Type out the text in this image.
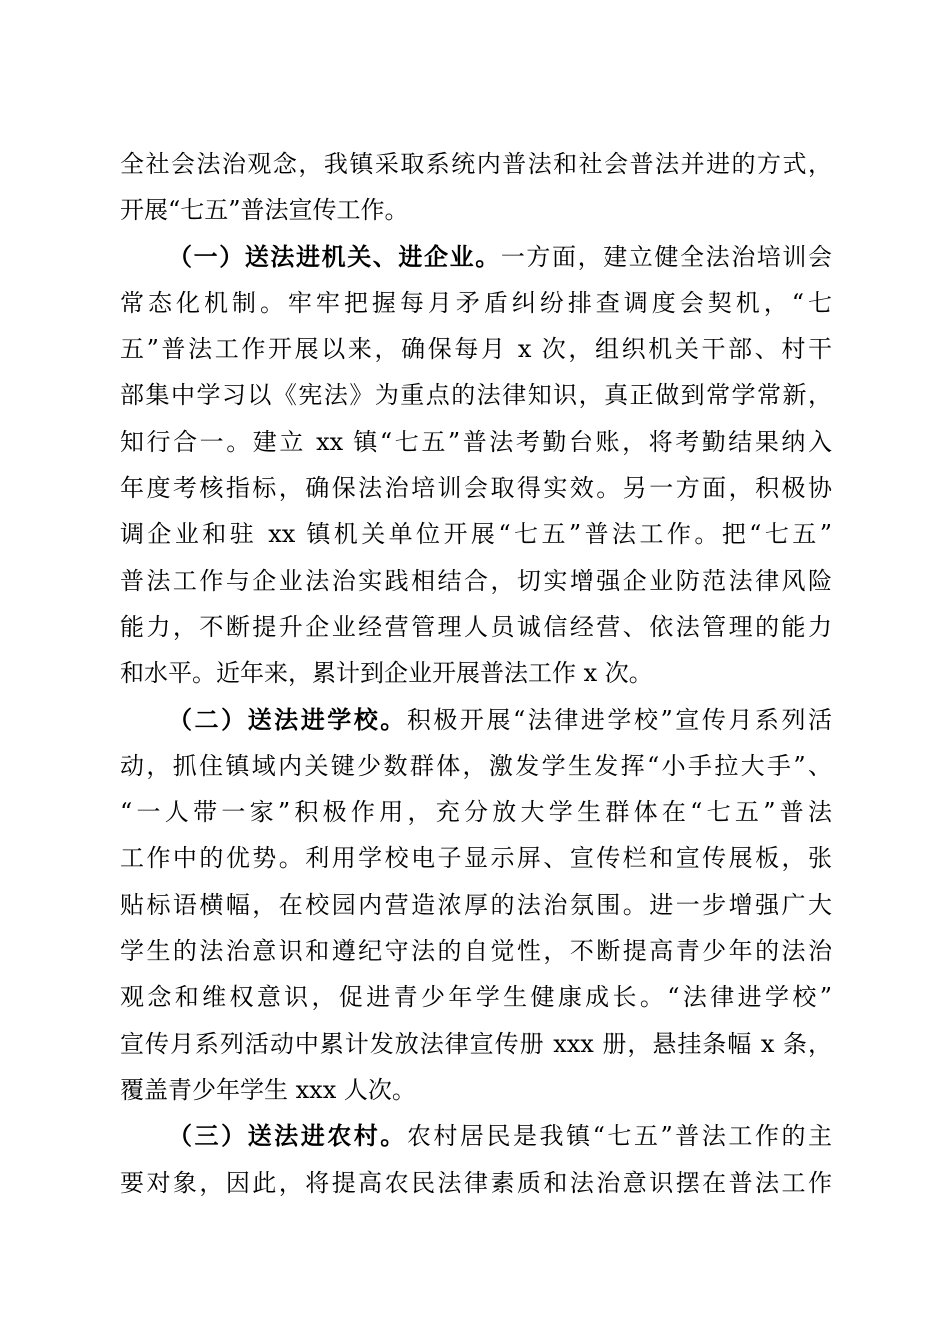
全社会法治观念，我镇采取系统内普法和社会普法并进的方式，
开展“七五”普法宣传工作。
（一）送法进机关、进企业。一方面，建立健全法治培训会
常态化机制。牢牢把握每月矛盾纠纷排查调度会契机，“七
五”普法工作开展以来，确保每月 x 次，组织机关干部、村干
部集中学习以《宪法》为重点的法律知识，真正做到常学常新，
知行合一。建立 xx 镇“七五”普法考勤台账，将考勤结果纳入
年度考核指标，确保法治培训会取得实效。另一方面，积极协
调企业和驻 xx 镇机关单位开展“七五”普法工作。把“七五”
普法工作与企业法治实践相结合，切实增强企业防范法律风险
能力，不断提升企业经营管理人员诚信经营、依法管理的能力
和水平。近年来，累计到企业开展普法工作 x 次。
（二）送法进学校。积极开展“法律进学校”宣传月系列活
动，抓住镇域内关键少数群体，激发学生发挥“小手拉大手”、
“一人带一家”积极作用，充分放大学生群体在“七五”普法
工作中的优势。利用学校电子显示屏、宣传栏和宣传展板，张
贴标语横幅，在校园内营造浓厚的法治氛围。进一步增强广大
学生的法治意识和遵纪守法的自觉性，不断提高青少年的法治
观念和维权意识，促进青少年学生健康成长。“法律进学校”
宣传月系列活动中累计发放法律宣传册 xxx 册，悬挂条幅 x 条，
覆盖青少年学生 xxx 人次。
（三）送法进农村。农村居民是我镇“七五”普法工作的主
要对象，因此，将提高农民法律素质和法治意识摆在普法工作
